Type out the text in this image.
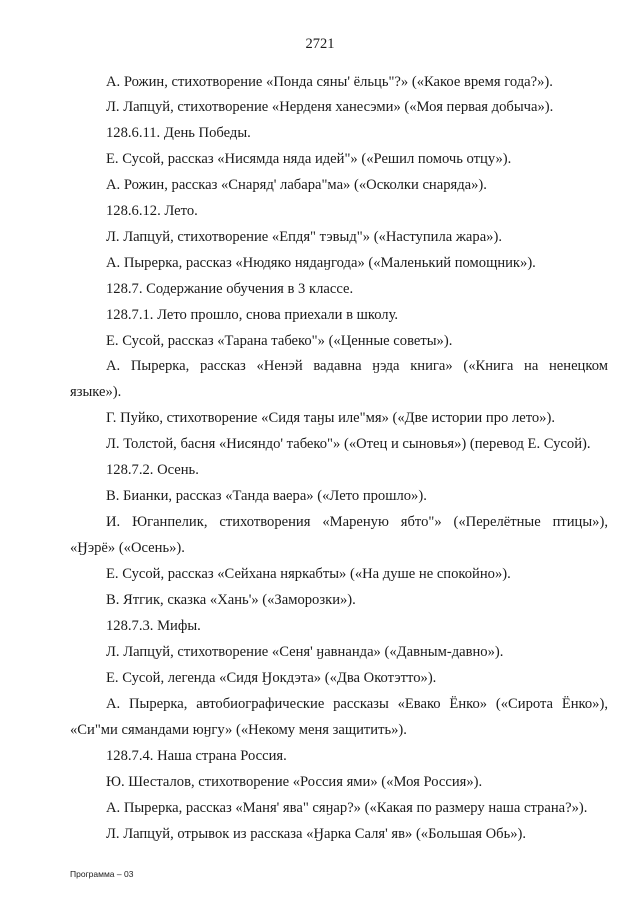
2721
А. Рожин, стихотворение «Понда сяны' ёльць"?» («Какое время года?»).
Л. Лапцуй, стихотворение «Нерденя ханесэми» («Моя первая добыча»).
128.6.11. День Победы.
Е. Сусой, рассказ «Нисямда няда идей"» («Решил помочь отцу»).
А. Рожин, рассказ «Снаряд' лабара"ма» («Осколки снаряда»).
128.6.12. Лето.
Л. Лапцуй, стихотворение «Епдя" тэвыд"» («Наступила жара»).
А. Пырерка, рассказ «Нюдяко нядаӈгода» («Маленький помощник»).
128.7. Содержание обучения в 3 классе.
128.7.1. Лето прошло, снова приехали в школу.
Е. Сусой, рассказ «Тарана табеко"» («Ценные советы»).
А. Пырерка, рассказ «Ненэй вадавна ӈэда книга» («Книга на ненецком
языке»).
Г. Пуйко, стихотворение «Сидя таӈы иле"мя» («Две истории про лето»).
Л. Толстой, басня «Нисяндо' табеко"» («Отец и сыновья») (перевод Е. Сусой).
128.7.2. Осень.
В. Бианки, рассказ «Танда ваера» («Лето прошло»).
И. Юганпелик, стихотворения «Мареную ябто"» («Перелётные птицы»),
«Ӈэрё» («Осень»).
Е. Сусой, рассказ «Сейхана няркабты» («На душе не спокойно»).
В. Ятгик, сказка «Хань'» («Заморозки»).
128.7.3. Мифы.
Л. Лапцуй, стихотворение «Сеня' ӈавнанда» («Давным-давно»).
Е. Сусой, легенда «Сидя Ӈокдэта» («Два Окотэтто»).
А. Пырерка, автобиографические рассказы «Евако Ёнко» («Сирота Ёнко»),
«Си"ми сямандами юӈгу» («Некому меня защитить»).
128.7.4. Наша страна Россия.
Ю. Шесталов, стихотворение «Россия ями» («Моя Россия»).
А. Пырерка, рассказ «Маня' ява" сяӈар?» («Какая по размеру наша страна?»).
Л. Лапцуй, отрывок из рассказа «Ӈарка Саля' яв» («Большая Обь»).
Программа – 03
